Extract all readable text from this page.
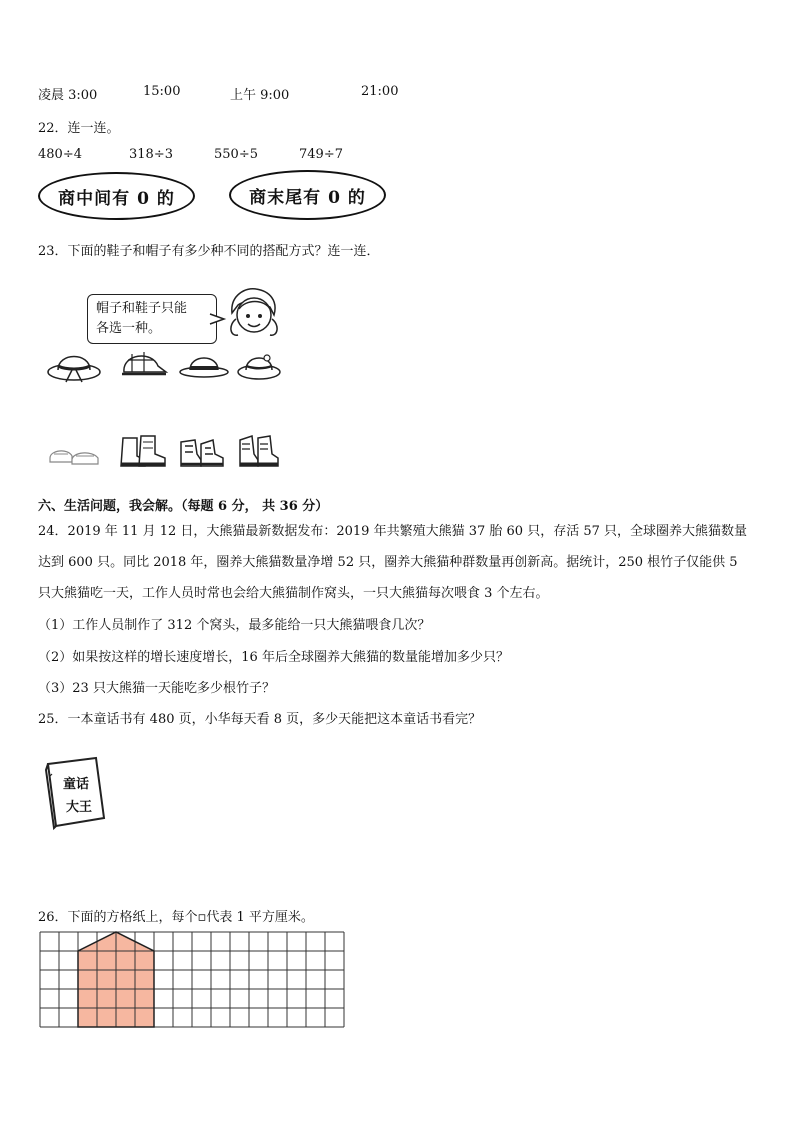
凌晨 3:00	15:00	上午 9:00	21:00
22．连一连。
480÷4	318÷3	550÷5	749÷7
商中间有 0 的	商末尾有 0 的
23．下面的鞋子和帽子有多少种不同的搭配方式？连一连．
帽子和鞋子只能
各选一种。
六、生活问题，我会解。（每题 6 分， 共 36 分）
24．2019 年 11 月 12 日，大熊猫最新数据发布：2019 年共繁殖大熊猫 37 胎 60 只，存活 57 只，全球圈养大熊猫数量
达到 600 只。同比 2018 年，圈养大熊猫数量净增 52 只，圈养大熊猫种群数量再创新高。据统计，250 根竹子仅能供 5
只大熊猫吃一天，工作人员时常也会给大熊猫制作窝头，一只大熊猫每次喂食 3 个左右。
（1）工作人员制作了 312 个窝头，最多能给一只大熊猫喂食几次？
（2）如果按这样的增长速度增长，16 年后全球圈养大熊猫的数量能增加多少只？
（3）23 只大熊猫一天能吃多少根竹子？
25．一本童话书有 480 页，小华每天看 8 页，多少天能把这本童话书看完？
童话
大王
26．下面的方格纸上，每个▫代表 1 平方厘米。
